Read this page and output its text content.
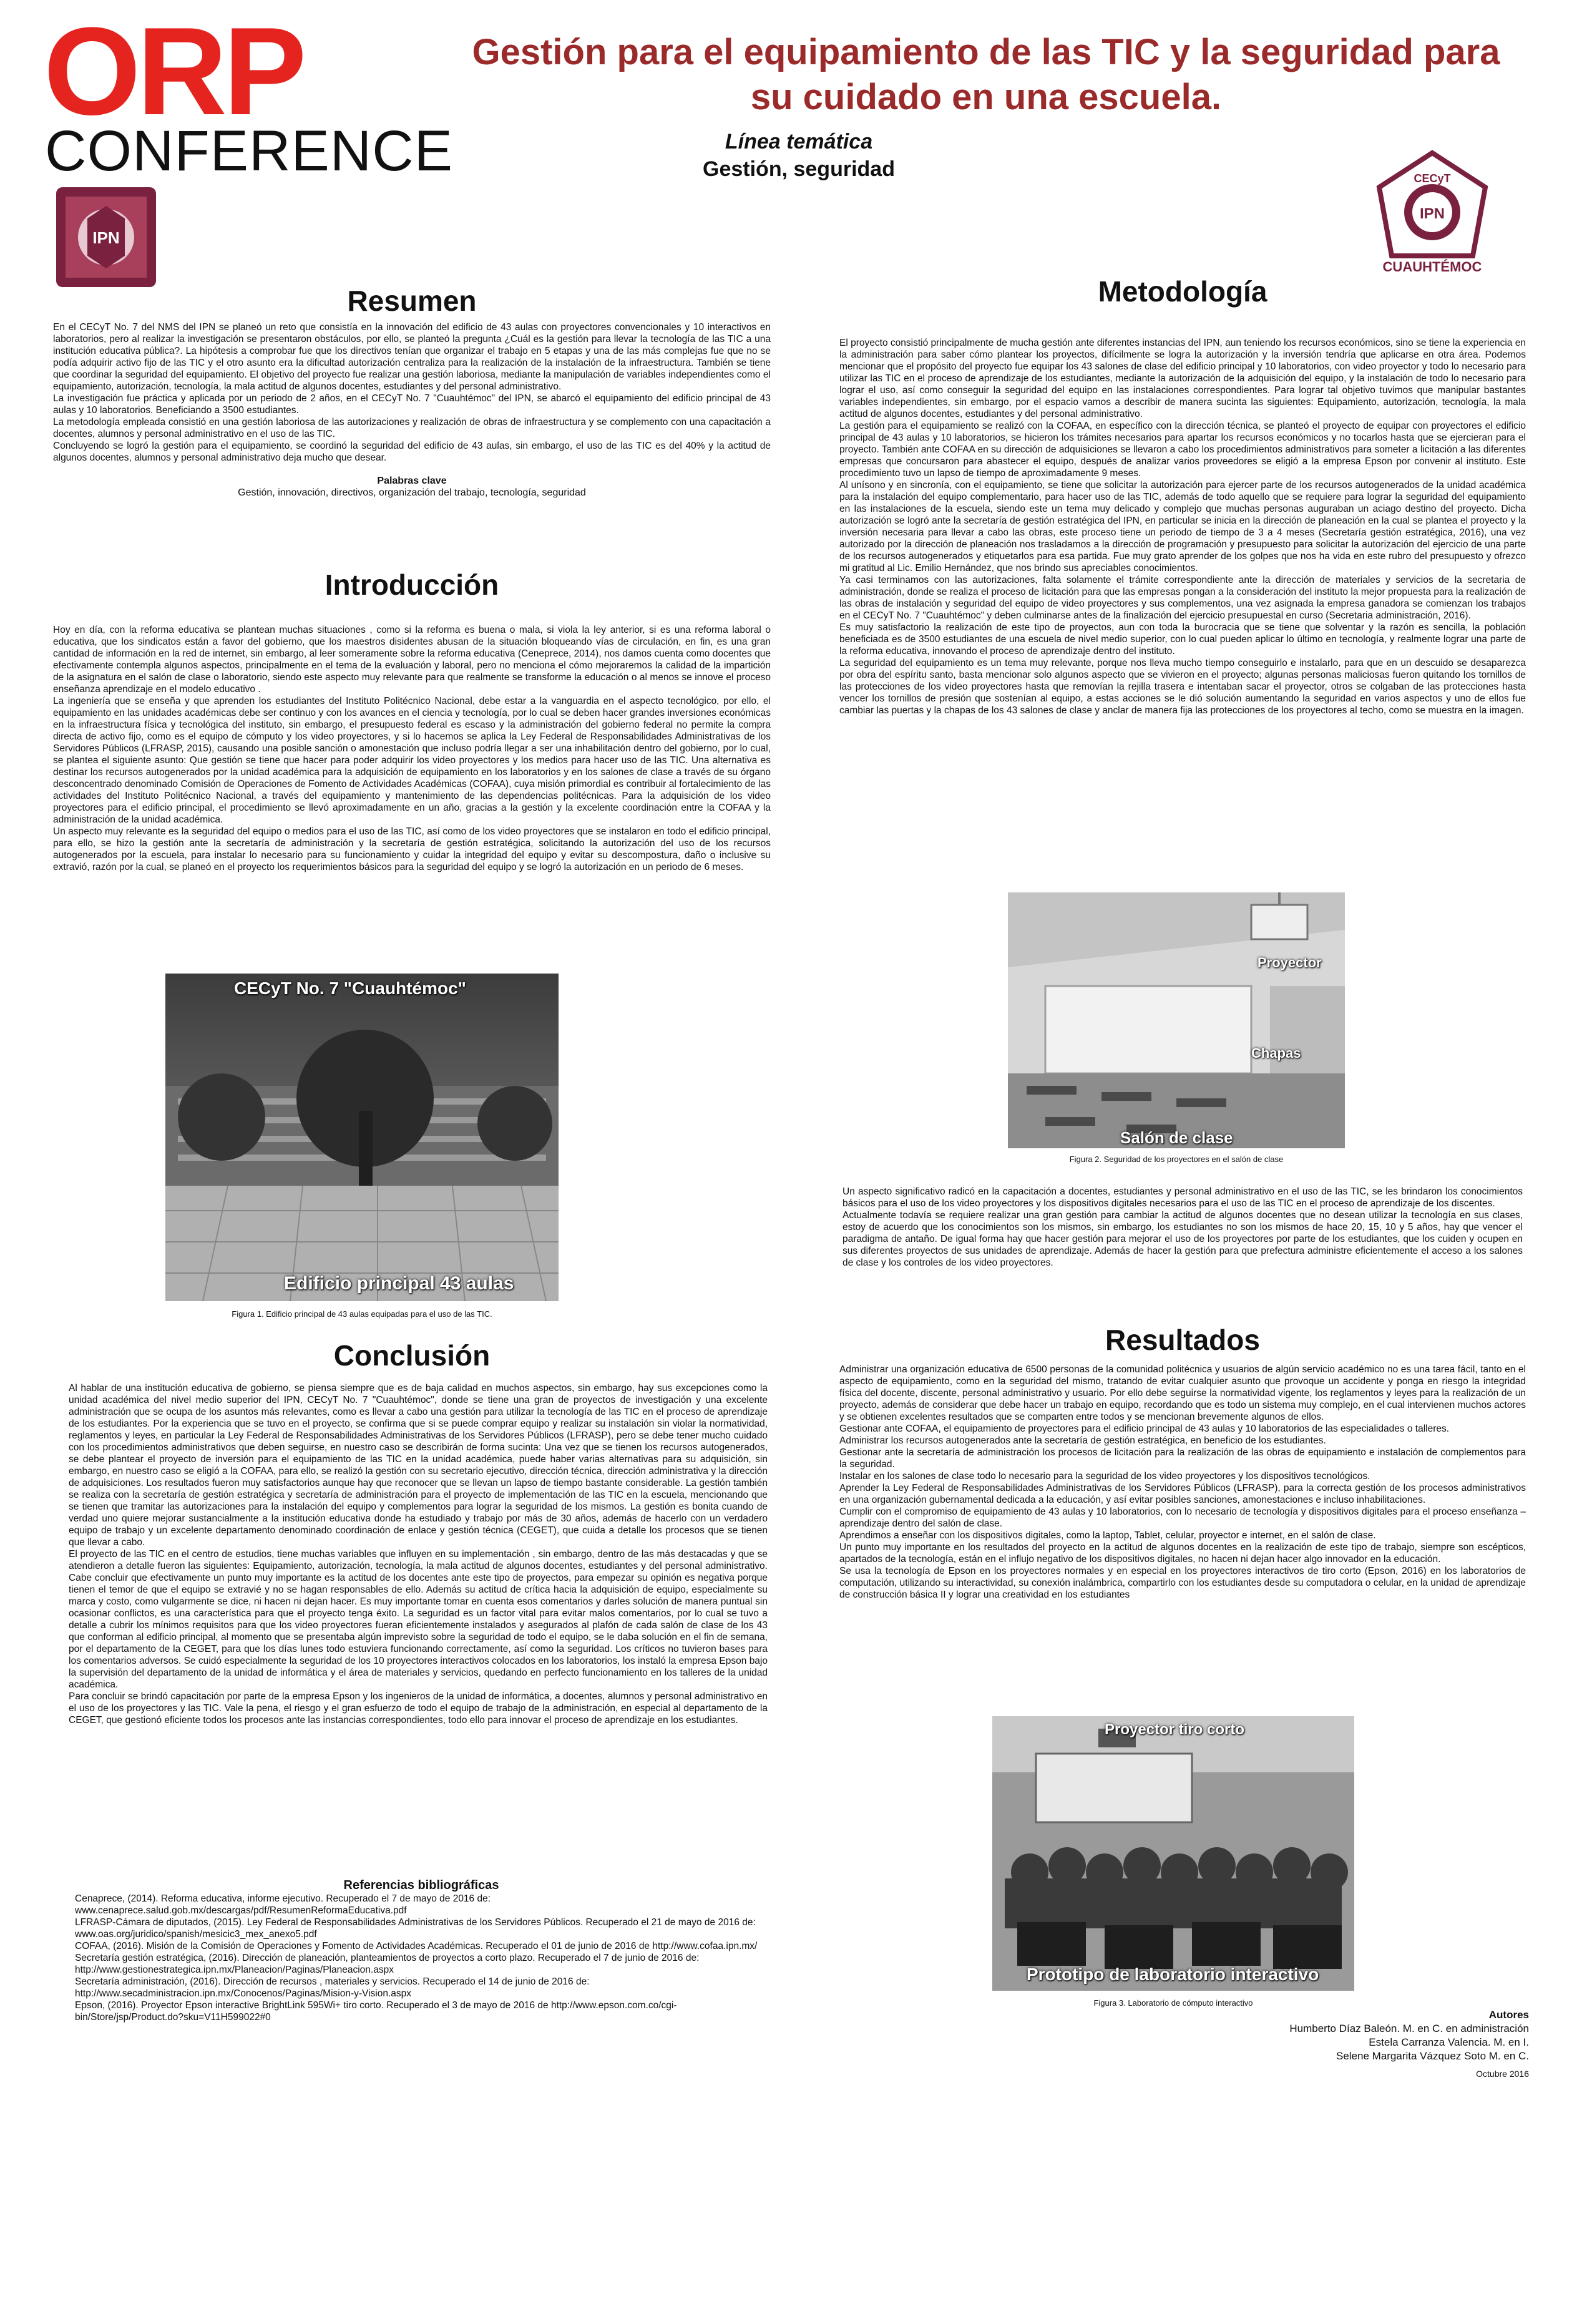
ORP
CONFERENCE
Gestión para el equipamiento de las TIC y la seguridad para su cuidado en una escuela.
Línea temática
Gestión, seguridad
IPN
IPN
CECyT
CUAUHTÉMOC
Resumen

En el CECyT No. 7 del NMS del IPN se planeó un reto que consistía en la innovación del edificio de 43 aulas con proyectores convencionales y 10 interactivos en laboratorios, pero al realizar la investigación se presentaron obstáculos, por ello, se planteó la pregunta ¿Cuál es la gestión para llevar la tecnología de las TIC a una institución educativa pública?. La hipótesis a comprobar fue que los directivos tenían que organizar el trabajo en 5 etapas y una de las más complejas fue que no se podía adquirir activo fijo de las TIC y el otro asunto era la dificultad autorización centraliza para la realización de la instalación de la infraestructura. También se tiene que coordinar la seguridad del equipamiento. El objetivo del proyecto fue realizar una gestión laboriosa, mediante la manipulación de variables independientes como el equipamiento, autorización, tecnología, la mala actitud de algunos docentes, estudiantes y del personal administrativo.

La investigación fue práctica y aplicada por un periodo de 2 años, en el CECyT No. 7 "Cuauhtémoc" del IPN, se abarcó el equipamiento del edificio principal de 43 aulas y 10 laboratorios. Beneficiando a 3500 estudiantes.

La metodología empleada consistió en una gestión laboriosa de las autorizaciones y realización de obras de infraestructura y se complemento con una capacitación a docentes, alumnos y personal administrativo en el uso de las TIC.

Concluyendo se logró la gestión para el equipamiento, se coordinó la seguridad del edificio de 43 aulas, sin embargo, el uso de las TIC es del 40% y la actitud de algunos docentes, alumnos y personal administrativo deja mucho que desear.

Palabras clave
Gestión, innovación, directivos, organización del trabajo, tecnología, seguridad
Introducción

Hoy en día, con la reforma educativa se plantean muchas situaciones , como si la reforma es buena o mala, si viola la ley anterior, si es una reforma laboral o educativa, que los sindicatos están a favor del gobierno, que los maestros disidentes abusan de la situación bloqueando vías de circulación, en fin, es una gran cantidad de información en la red de internet, sin embargo, al leer someramente sobre la reforma educativa (Ceneprece, 2014), nos damos cuenta como docentes que efectivamente contempla algunos aspectos, principalmente en el tema de la evaluación y laboral, pero no menciona el cómo mejoraremos la calidad de la impartición de la asignatura en el salón de clase o laboratorio, siendo este aspecto muy relevante para que realmente se transforme la educación o al menos se innove el proceso enseñanza aprendizaje en el modelo educativo .

La ingeniería que se enseña y que aprenden los estudiantes del Instituto Politécnico Nacional, debe estar a la vanguardia en el aspecto tecnológico, por ello, el equipamiento en las unidades académicas debe ser continuo y con los avances en el ciencia y tecnología, por lo cual se deben hacer grandes inversiones económicas en la infraestructura física y tecnológica del instituto, sin embargo, el presupuesto federal es escaso y la administración del gobierno federal no permite la compra directa de activo fijo, como es el equipo de cómputo y los video proyectores, y si lo hacemos se aplica la Ley Federal de Responsabilidades Administrativas de los Servidores Públicos (LFRASP, 2015), causando una posible sanción o amonestación que incluso podría llegar a ser una inhabilitación dentro del gobierno, por lo cual, se plantea el siguiente asunto: Que gestión se tiene que hacer para poder adquirir los video proyectores y los medios para hacer uso de las TIC. Una alternativa es destinar los recursos autogenerados por la unidad académica para la adquisición de equipamiento en los laboratorios y en los salones de clase a través de su órgano desconcentrado denominado Comisión de Operaciones de Fomento de Actividades Académicas (COFAA), cuya misión primordial es contribuir al fortalecimiento de las actividades del Instituto Politécnico Nacional, a través del equipamiento y mantenimiento de las dependencias politécnicas. Para la adquisición de los video proyectores para el edificio principal, el procedimiento se llevó aproximadamente en un año, gracias a la gestión y la excelente coordinación entre la COFAA y la administración de la unidad académica.

Un aspecto muy relevante es la seguridad del equipo o medios para el uso de las TIC, así como de los video proyectores que se instalaron en todo el edificio principal, para ello, se hizo la gestión ante la secretaría de administración y la secretaría de gestión estratégica, solicitando la autorización del uso de los recursos autogenerados por la escuela, para instalar lo necesario para su funcionamiento y cuidar la integridad del equipo y evitar su descompostura, daño o inclusive su extravió, razón por la cual, se planeó en el proyecto los requerimientos básicos para la seguridad del equipo y se logró la autorización en un periodo de 6 meses.

CECyT No. 7 "Cuauhtémoc"
Edificio principal 43 aulas
Figura 1. Edificio principal de 43 aulas equipadas para el uso de las TIC.
Conclusión

Al hablar de una institución educativa de gobierno, se piensa siempre que es de baja calidad en muchos aspectos, sin embargo, hay sus excepciones como la unidad académica del nivel medio superior del IPN, CECyT No. 7 "Cuauhtémoc", donde se tiene una gran de proyectos de investigación y una excelente administración que se ocupa de los asuntos más relevantes, como es llevar a cabo una gestión para utilizar la tecnología de las TIC en el proceso de aprendizaje de los estudiantes. Por la experiencia que se tuvo en el proyecto, se confirma que si se puede comprar equipo y realizar su instalación sin violar la normatividad, reglamentos y leyes, en particular la Ley Federal de Responsabilidades Administrativas de los Servidores Públicos (LFRASP), pero se debe tener mucho cuidado con los procedimientos administrativos que deben seguirse, en nuestro caso se describirán de forma sucinta: Una vez que se tienen los recursos autogenerados, se debe plantear el proyecto de inversión para el equipamiento de las TIC en la unidad académica, puede haber varias alternativas para su adquisición, sin embargo, en nuestro caso se eligió a la COFAA, para ello, se realizó la gestión con su secretario ejecutivo, dirección técnica, dirección administrativa y la dirección de adquisiciones. Los resultados fueron muy satisfactorios aunque hay que reconocer que se llevan un lapso de tiempo bastante considerable. La gestión también se realiza con la secretaría de gestión estratégica y secretaría de administración para el proyecto de implementación de las TIC en la escuela, mencionando que se tienen que tramitar las autorizaciones para la instalación del equipo y complementos para lograr la seguridad de los mismos. La gestión es bonita cuando de verdad uno quiere mejorar sustancialmente a la institución educativa donde ha estudiado y trabajo por más de 30 años, además de hacerlo con un verdadero equipo de trabajo y un excelente departamento denominado coordinación de enlace y gestión técnica (CEGET), que cuida a detalle los procesos que se tienen que llevar a cabo.

El proyecto de las TIC en el centro de estudios, tiene muchas variables que influyen en su implementación , sin embargo, dentro de las más destacadas y que se atendieron a detalle fueron las siguientes: Equipamiento, autorización, tecnología, la mala actitud de algunos docentes, estudiantes y del personal administrativo. Cabe concluir que efectivamente un punto muy importante es la actitud de los docentes ante este tipo de proyectos, para empezar su opinión es negativa porque tienen el temor de que el equipo se extravié y no se hagan responsables de ello. Además su actitud de crítica hacia la adquisición de equipo, especialmente su marca y costo, como vulgarmente se dice, ni hacen ni dejan hacer. Es muy importante tomar en cuenta esos comentarios y darles solución de manera puntual sin ocasionar conflictos, es una característica para que el proyecto tenga éxito. La seguridad es un factor vital para evitar malos comentarios, por lo cual se tuvo a detalle a cubrir los mínimos requisitos para que los video proyectores fueran eficientemente instalados y asegurados al plafón de cada salón de clase de los 43 que conforman al edificio principal, al momento que se presentaba algún imprevisto sobre la seguridad de todo el equipo, se le daba solución en el fin de semana, por el departamento de la CEGET, para que los días lunes todo estuviera funcionando correctamente, así como la seguridad. Los críticos no tuvieron bases para los comentarios adversos. Se cuidó especialmente la seguridad de los 10 proyectores interactivos colocados en los laboratorios, los instaló la empresa Epson bajo la supervisión del departamento de la unidad de informática y el área de materiales y servicios, quedando en perfecto funcionamiento en los talleres de la unidad académica.

Para concluir se brindó capacitación por parte de la empresa Epson y los ingenieros de la unidad de informática, a docentes, alumnos y personal administrativo en el uso de los proyectores y las TIC. Vale la pena, el riesgo y el gran esfuerzo de todo el equipo de trabajo de la administración, en especial al departamento de la CEGET, que gestionó eficiente todos los procesos ante las instancias correspondientes, todo ello para innovar el proceso de aprendizaje en los estudiantes.

Referencias bibliográficas

Cenaprece, (2014). Reforma educativa, informe ejecutivo. Recuperado el 7 de mayo de 2016 de: www.cenaprece.salud.gob.mx/descargas/pdf/ResumenReformaEducativa.pdf

LFRASP-Cámara de diputados, (2015). Ley Federal de Responsabilidades Administrativas de los Servidores Públicos. Recuperado el 21 de mayo de 2016 de: www.oas.org/juridico/spanish/mesicic3_mex_anexo5.pdf

COFAA, (2016). Misión de la Comisión de Operaciones y Fomento de Actividades Académicas. Recuperado el 01 de junio de 2016 de http://www.cofaa.ipn.mx/

Secretaría gestión estratégica, (2016). Dirección de planeación, planteamientos de proyectos a corto plazo. Recuperado el 7 de junio de 2016 de: http://www.gestionestrategica.ipn.mx/Planeacion/Paginas/Planeacion.aspx

Secretaría administración, (2016). Dirección de recursos , materiales y servicios. Recuperado el 14 de junio de 2016 de: http://www.secadministracion.ipn.mx/Conocenos/Paginas/Mision-y-Vision.aspx

Epson, (2016). Proyector Epson interactive BrightLink 595Wi+ tiro corto. Recuperado el 3 de mayo de 2016 de http://www.epson.com.co/cgi-bin/Store/jsp/Product.do?sku=V11H599022#0

Metodología

El proyecto consistió principalmente de mucha gestión ante diferentes instancias del IPN, aun teniendo los recursos económicos, sino se tiene la experiencia en la administración para saber cómo plantear los proyectos, difícilmente se logra la autorización y la inversión tendría que aplicarse en otra área. Podemos mencionar que el propósito del proyecto fue equipar los 43 salones de clase del edificio principal y 10 laboratorios, con video proyector y todo lo necesario para utilizar las TIC en el proceso de aprendizaje de los estudiantes, mediante la autorización de la adquisición del equipo, y la instalación de todo lo necesario para lograr el uso, así como conseguir la seguridad del equipo en las instalaciones correspondientes. Para lograr tal objetivo tuvimos que manipular bastantes variables independientes, sin embargo, por el espacio vamos a describir de manera sucinta las siguientes: Equipamiento, autorización, tecnología, la mala actitud de algunos docentes, estudiantes y del personal administrativo.

La gestión para el equipamiento se realizó con la COFAA, en específico con la dirección técnica, se planteó el proyecto de equipar con proyectores el edificio principal de 43 aulas y 10 laboratorios, se hicieron los trámites necesarios para apartar los recursos económicos y no tocarlos hasta que se ejercieran para el proyecto. También ante COFAA en su dirección de adquisiciones se llevaron a cabo los procedimientos administrativos para someter a licitación a las diferentes empresas que concursaron para abastecer el equipo, después de analizar varios proveedores se eligió a la empresa Epson por convenir al instituto. Este procedimiento tuvo un lapso de tiempo de aproximadamente 9 meses.

Al unísono y en sincronía, con el equipamiento, se tiene que solicitar la autorización para ejercer parte de los recursos autogenerados de la unidad académica para la instalación del equipo complementario, para hacer uso de las TIC, además de todo aquello que se requiere para lograr la seguridad del equipamiento en las instalaciones de la escuela, siendo este un tema muy delicado y complejo que muchas personas auguraban un aciago destino del proyecto. Dicha autorización se logró ante la secretaría de gestión estratégica del IPN, en particular se inicia en la dirección de planeación en la cual se plantea el proyecto y la inversión necesaria para llevar a cabo las obras, este proceso tiene un periodo de tiempo de 3 a 4 meses (Secretaría gestión estratégica, 2016), una vez autorizado por la dirección de planeación nos trasladamos a la dirección de programación y presupuesto para solicitar la autorización del ejercicio de una parte de los recursos autogenerados y etiquetarlos para esa partida. Fue muy grato aprender de los golpes que nos ha vida en este rubro del presupuesto y ofrezco mi gratitud al Lic. Emilio Hernández, que nos brindo sus apreciables conocimientos.

Ya casi terminamos con las autorizaciones, falta solamente el trámite correspondiente ante la dirección de materiales y servicios de la secretaria de administración, donde se realiza el proceso de licitación para que las empresas pongan a la consideración del instituto la mejor propuesta para la realización de las obras de instalación y seguridad del equipo de video proyectores y sus complementos, una vez asignada la empresa ganadora se comienzan los trabajos en el CECyT No. 7 "Cuauhtémoc" y deben culminarse antes de la finalización del ejercicio presupuestal en curso (Secretaria administración, 2016).

Es muy satisfactorio la realización de este tipo de proyectos, aun con toda la burocracia que se tiene que solventar y la razón es sencilla, la población beneficiada es de 3500 estudiantes de una escuela de nivel medio superior, con lo cual pueden aplicar lo último en tecnología, y realmente lograr una parte de la reforma educativa, innovando el proceso de aprendizaje dentro del instituto.

La seguridad del equipamiento es un tema muy relevante, porque nos lleva mucho tiempo conseguirlo e instalarlo, para que en un descuido se desaparezca por obra del espíritu santo, basta mencionar solo algunos aspecto que se vivieron en el proyecto; algunas personas maliciosas fueron quitando los tornillos de las protecciones de los video proyectores hasta que removían la rejilla trasera e intentaban sacar el proyector, otros se colgaban de las protecciones hasta vencer los tornillos de presión que sostenían al equipo, a estas acciones se le dió solución aumentando la seguridad en varios aspectos y uno de ellos fue cambiar las puertas y la chapas de los 43 salones de clase y anclar de manera fija las protecciones de los proyectores al techo, como se muestra en la imagen.

Proyector
Chapas
Salón de clase
Figura 2. Seguridad de los proyectores en el salón de clase

Un aspecto significativo radicó en la capacitación a docentes, estudiantes y personal administrativo en el uso de las TIC, se les brindaron los conocimientos básicos para el uso de los video proyectores y los dispositivos digitales necesarios para el uso de las TIC en el proceso de aprendizaje de los discentes.

Actualmente todavía se requiere realizar una gran gestión para cambiar la actitud de algunos docentes que no desean utilizar la tecnología en sus clases, estoy de acuerdo que los conocimientos son los mismos, sin embargo, los estudiantes no son los mismos de hace 20, 15, 10 y 5 años, hay que vencer el paradigma de antaño. De igual forma hay que hacer gestión para mejorar el uso de los proyectores por parte de los estudiantes, que los cuiden y ocupen en sus diferentes proyectos de sus unidades de aprendizaje. Además de hacer la gestión para que prefectura administre eficientemente el acceso a los salones de clase y los controles de los video proyectores.

Resultados

Administrar una organización educativa de 6500 personas de la comunidad politécnica y usuarios de algún servicio académico no es una tarea fácil, tanto en el aspecto de equipamiento, como en la seguridad del mismo, tratando de evitar cualquier asunto que provoque un accidente y ponga en riesgo la integridad física del docente, discente, personal administrativo y usuario. Por ello debe seguirse la normatividad vigente, los reglamentos y leyes para la realización de un proyecto, además de considerar que debe hacer un trabajo en equipo, recordando que es todo un sistema muy complejo, en el cual intervienen muchos actores y se obtienen excelentes resultados que se comparten entre todos y se mencionan brevemente algunos de ellos.

Gestionar ante COFAA, el equipamiento de proyectores para el edificio principal de 43 aulas y 10 laboratorios de las especialidades o talleres.

Administrar los recursos autogenerados ante la secretaría de gestión estratégica, en beneficio de los estudiantes.

Gestionar ante la secretaría de administración los procesos de licitación para la realización de las obras de equipamiento e instalación de complementos para la seguridad.

Instalar en los salones de clase todo lo necesario para la seguridad de los video proyectores y los dispositivos tecnológicos.

Aprender la Ley Federal de Responsabilidades Administrativas de los Servidores Públicos (LFRASP), para la correcta gestión de los procesos administrativos en una organización gubernamental dedicada a la educación, y así evitar posibles sanciones, amonestaciones e incluso inhabilitaciones.

Cumplir con el compromiso de equipamiento de 43 aulas y 10 laboratorios, con lo necesario de tecnología y dispositivos digitales para el proceso enseñanza – aprendizaje dentro del salón de clase.

Aprendimos a enseñar con los dispositivos digitales, como la laptop, Tablet, celular, proyector e internet, en el salón de clase.

Un punto muy importante en los resultados del proyecto en la actitud de algunos docentes en la realización de este tipo de trabajo, siempre son escépticos, apartados de la tecnología, están en el influjo negativo de los dispositivos digitales, no hacen ni dejan hacer algo innovador en la educación.

Se usa la tecnología de Epson en los proyectores normales y en especial en los proyectores interactivos de tiro corto (Epson, 2016) en los laboratorios de computación, utilizando su interactividad, su conexión inalámbrica, compartirlo con los estudiantes desde su computadora o celular, en la unidad de aprendizaje de construcción básica II y lograr una creatividad en los estudiantes

Proyector tiro corto
Prototipo de laboratorio interactivo
Figura 3. Laboratorio de cómputo interactivo
Autores
Humberto Díaz Baleón. M. en C. en administración
Estela Carranza Valencia. M. en I.
Selene Margarita Vázquez Soto M. en C.
Octubre 2016
